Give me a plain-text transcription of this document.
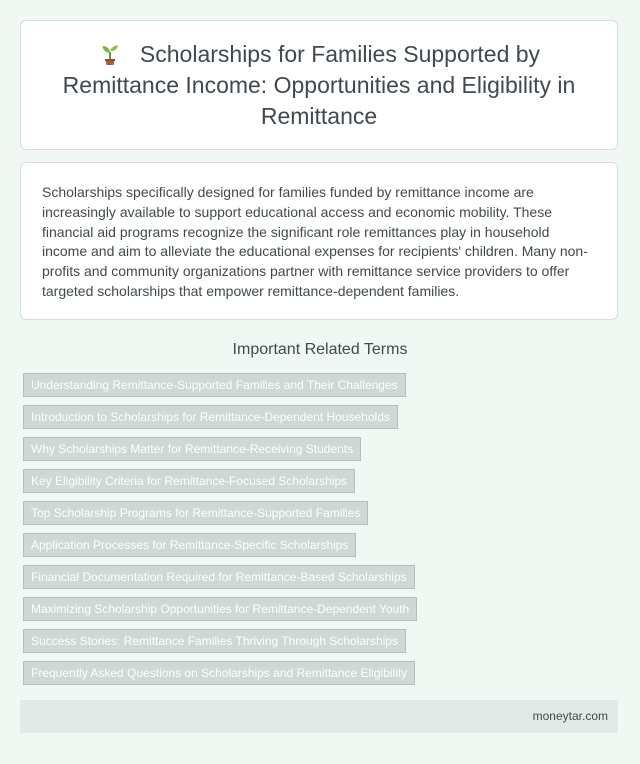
Scholarships for Families Supported by Remittance Income: Opportunities and Eligibility in Remittance

Scholarships specifically designed for families funded by remittance income are increasingly available to support educational access and economic mobility. These financial aid programs recognize the significant role remittances play in household income and aim to alleviate the educational expenses for recipients' children. Many non-profits and community organizations partner with remittance service providers to offer targeted scholarships that empower remittance-dependent families.

Important Related Terms
Understanding Remittance-Supported Families and Their Challenges
Introduction to Scholarships for Remittance-Dependent Households
Why Scholarships Matter for Remittance-Receiving Students
Key Eligibility Criteria for Remittance-Focused Scholarships
Top Scholarship Programs for Remittance-Supported Families
Application Processes for Remittance-Specific Scholarships
Financial Documentation Required for Remittance-Based Scholarships
Maximizing Scholarship Opportunities for Remittance-Dependent Youth
Success Stories: Remittance Families Thriving Through Scholarships
Frequently Asked Questions on Scholarships and Remittance Eligibility
moneytar.com
